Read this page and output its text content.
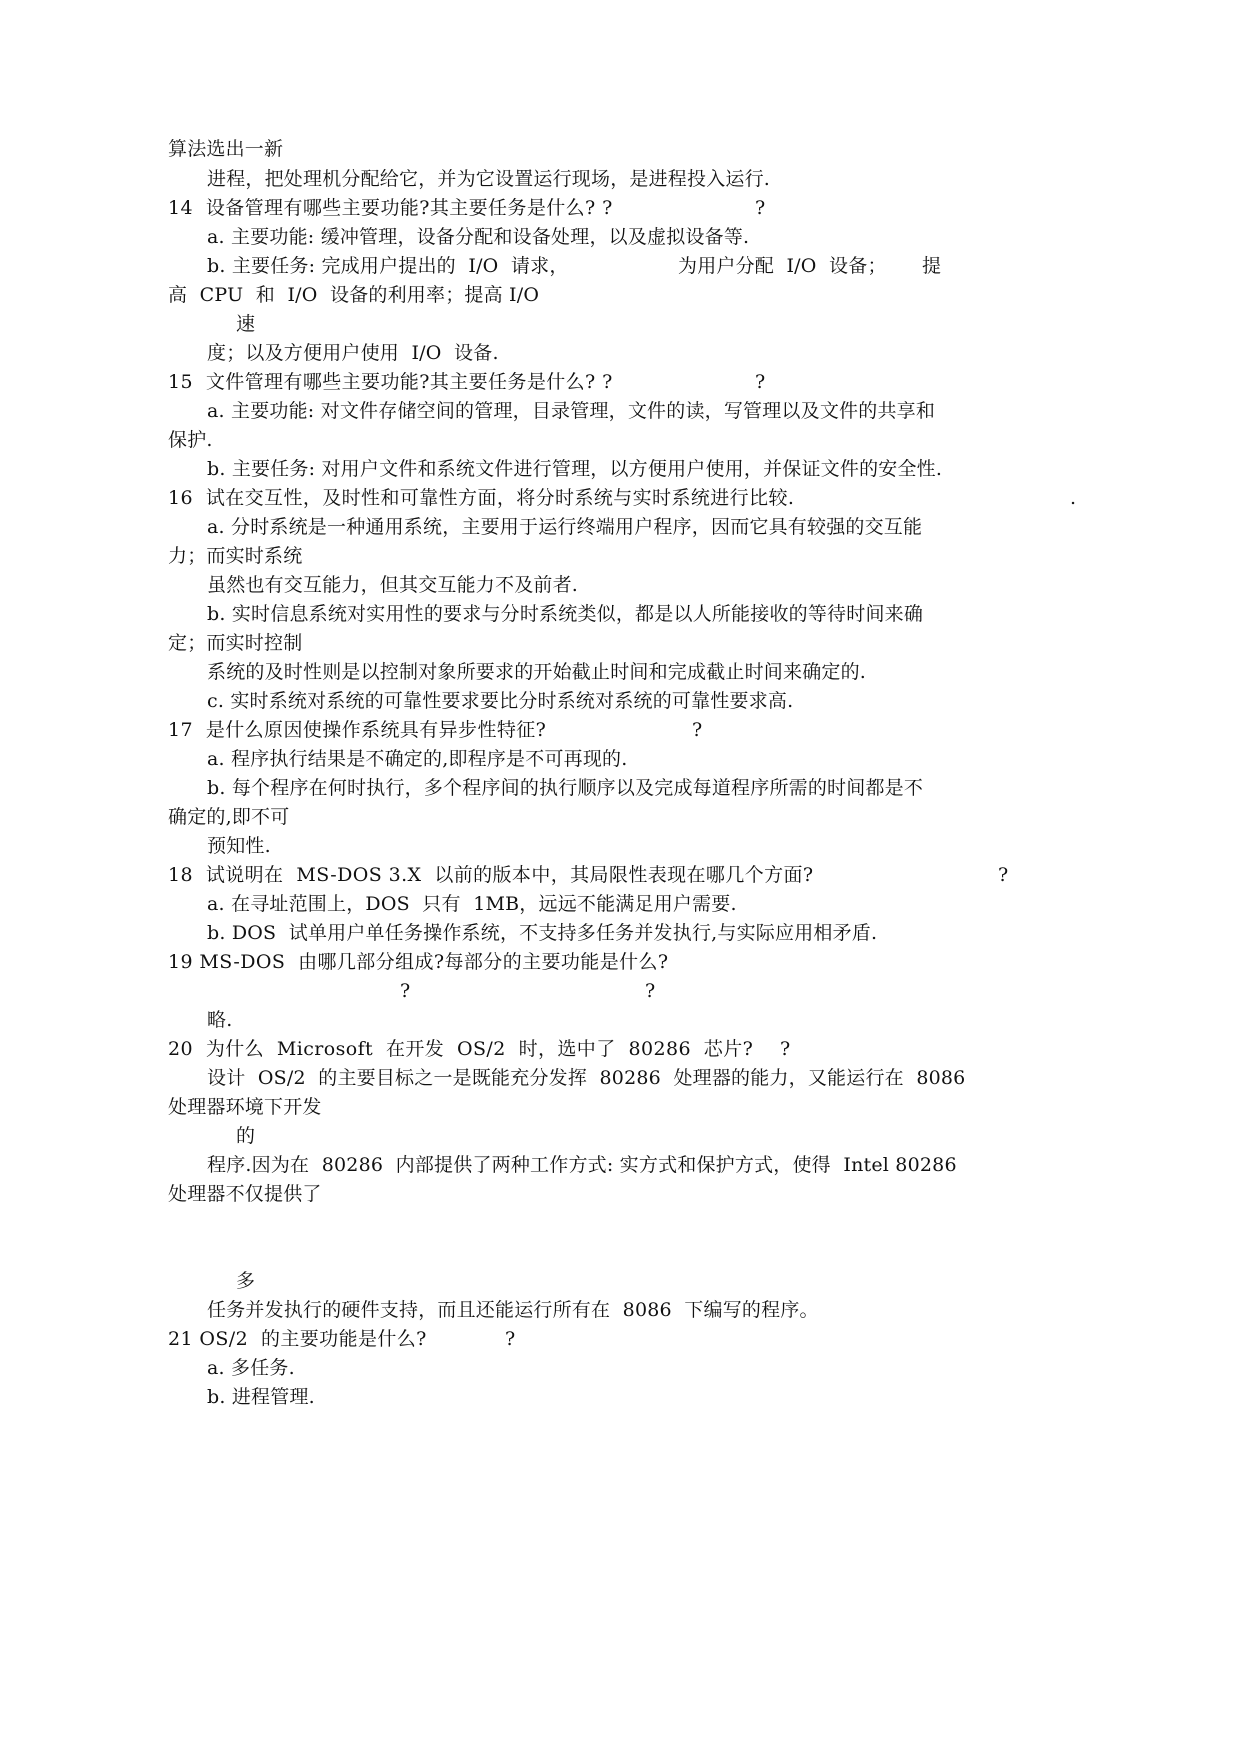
算法选出一新
进程，把处理机分配给它，并为它设置运行现场，是进程投入运行.
14  设备管理有哪些主要功能?其主要任务是什么? ?	?
a. 主要功能: 缓冲管理，设备分配和设备处理，以及虚拟设备等.
b. 主要任务: 完成用户提出的  I/O  请求，	为用户分配  I/O  设备； 提
高  CPU  和  I/O  设备的利用率；提高 I/O
速
度；以及方便用户使用  I/O  设备.
15  文件管理有哪些主要功能?其主要任务是什么? ?	?
a. 主要功能: 对文件存储空间的管理，目录管理，文件的读，写管理以及文件的共享和
保护.
b. 主要任务: 对用户文件和系统文件进行管理，以方便用户使用，并保证文件的安全性.
16  试在交互性，及时性和可靠性方面，将分时系统与实时系统进行比较.	.
a. 分时系统是一种通用系统，主要用于运行终端用户程序，因而它具有较强的交互能
力；而实时系统
虽然也有交互能力，但其交互能力不及前者.
b. 实时信息系统对实用性的要求与分时系统类似，都是以人所能接收的等待时间来确
定；而实时控制
系统的及时性则是以控制对象所要求的开始截止时间和完成截止时间来确定的.
c. 实时系统对系统的可靠性要求要比分时系统对系统的可靠性要求高.
17  是什么原因使操作系统具有异步性特征?	?
a. 程序执行结果是不确定的,即程序是不可再现的.
b. 每个程序在何时执行，多个程序间的执行顺序以及完成每道程序所需的时间都是不
确定的,即不可
预知性.
18  试说明在  MS-DOS 3.X  以前的版本中，其局限性表现在哪几个方面?	?
a. 在寻址范围上，DOS  只有  1MB，远远不能满足用户需要.
b. DOS  试单用户单任务操作系统，不支持多任务并发执行,与实际应用相矛盾.
19 MS-DOS  由哪几部分组成?每部分的主要功能是什么?
?	?
略.
20  为什么  Microsoft  在开发  OS/2  时，选中了  80286  芯片? ?
设计  OS/2  的主要目标之一是既能充分发挥  80286  处理器的能力，又能运行在  8086
处理器环境下开发
的
程序.因为在  80286  内部提供了两种工作方式: 实方式和保护方式，使得  Intel 80286
处理器不仅提供了
多
任务并发执行的硬件支持，而且还能运行所有在  8086  下编写的程序。
21 OS/2  的主要功能是什么?	?
a. 多任务.
b. 进程管理.
